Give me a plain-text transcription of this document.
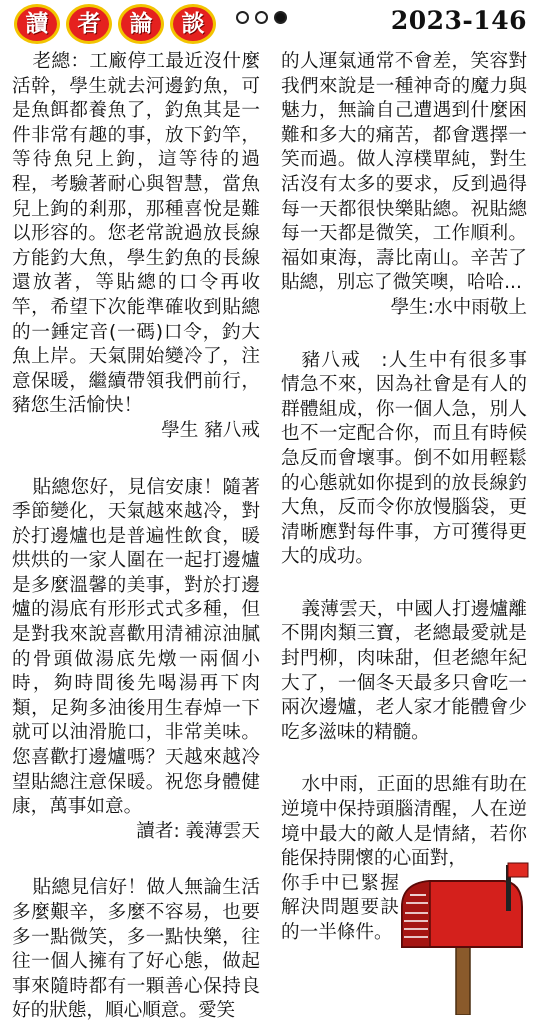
讀	者	論	談	2023-146

老總：工廠停工最近沒什麼活幹，學生就去河邊釣魚，可是魚餌都養魚了，釣魚其是一件非常有趣的事，放下釣竿，等待魚兒上鉤，這等待的過程，考驗著耐心與智慧，當魚兒上鉤的剎那，那種喜悅是難以形容的。您老常說過放長線方能釣大魚，學生釣魚的長線還放著，等貼總的口令再收竿，希望下次能準確收到貼總的一錘定音(一碼)口令，釣大魚上岸。天氣開始變冷了，注意保暖，繼續帶領我們前行，豬您生活愉快！

學生 豬八戒

貼總您好，見信安康！隨著季節變化，天氣越來越冷，對於打邊爐也是普遍性飲食，暖烘烘的一家人圍在一起打邊爐是多麼溫馨的美事，對於打邊爐的湯底有形形式式多種，但是對我來說喜歡用清補涼油膩的骨頭做湯底先燉一兩個小時，夠時間後先喝湯再下肉類，足夠多油後用生春焯一下就可以油滑脆口，非常美味。您喜歡打邊爐嗎？天越來越冷望貼總注意保暖。祝您身體健康，萬事如意。

讀者: 義薄雲天

貼總見信好！做人無論生活多麼艱辛，多麼不容易，也要多一點微笑，多一點快樂，往往一個人擁有了好心態，做起事來隨時都有一顆善心保持良好的狀態，順心順意。愛笑

的人運氣通常不會差，笑容對我們來說是一種神奇的魔力與魅力，無論自己遭遇到什麼困難和多大的痛苦，都會選擇一笑而過。做人淳樸單純，對生活沒有太多的要求，反到過得每一天都很快樂貼總。祝貼總每一天都是微笑，工作順利。福如東海，壽比南山。辛苦了貼總，別忘了微笑噢，哈哈...

學生:水中雨敬上

豬八戒　:人生中有很多事情急不來，因為社會是有人的群體組成，你一個人急，別人也不一定配合你，而且有時候急反而會壞事。倒不如用輕鬆的心態就如你提到的放長線釣大魚，反而令你放慢腦袋，更清晰應對每件事，方可獲得更大的成功。

義薄雲天，中國人打邊爐離不開肉類三寶，老總最愛就是封門柳，肉味甜，但老總年紀大了，一個冬天最多只會吃一兩次邊爐，老人家才能體會少吃多滋味的精髓。

水中雨，正面的思維有助在逆境中保持頭腦清醒，人在逆境中最大的敵人是情緒，若你能保持開懷的心面對，

你手中已緊握解決問題要訣的一半條件。
